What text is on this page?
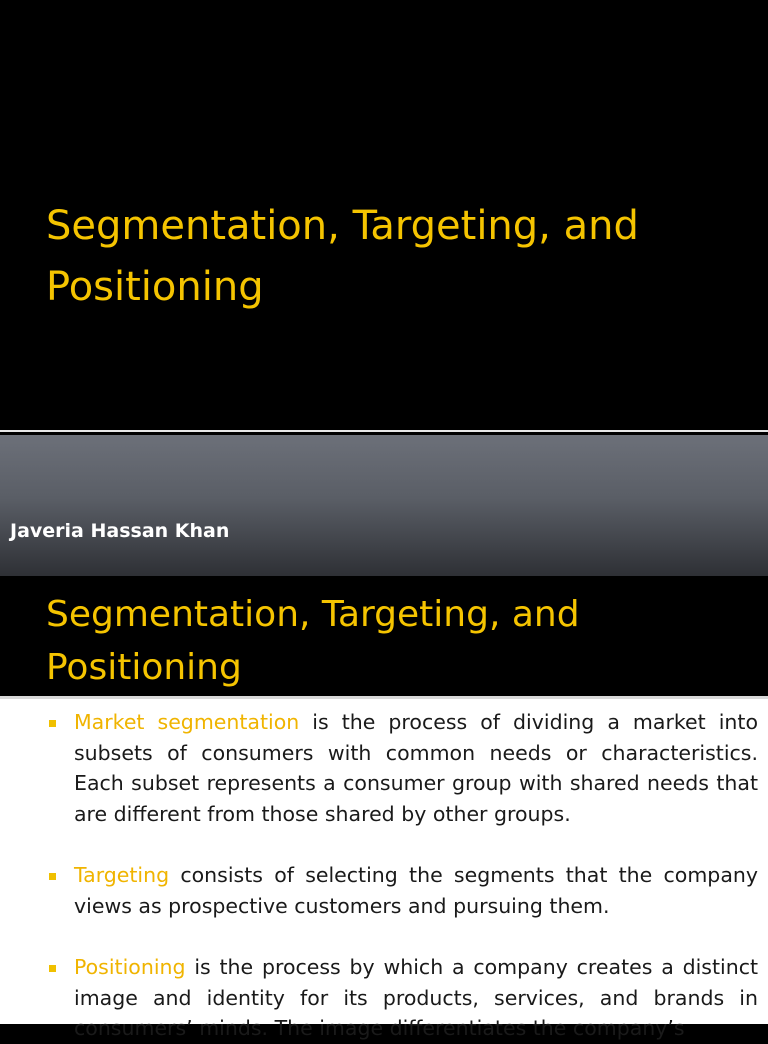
Segmentation, Targeting, and Positioning

Javeria Hassan Khan

Segmentation, Targeting, and Positioning

Market segmentation is the process of dividing a market into subsets of consumers with common needs or characteristics. Each subset represents a consumer group with shared needs that are different from those shared by other groups.

Targeting consists of selecting the segments that the company views as prospective customers and pursuing them.

Positioning is the process by which a company creates a distinct image and identity for its products, services, and brands in consumers’ minds. The image differentiates the company’s
